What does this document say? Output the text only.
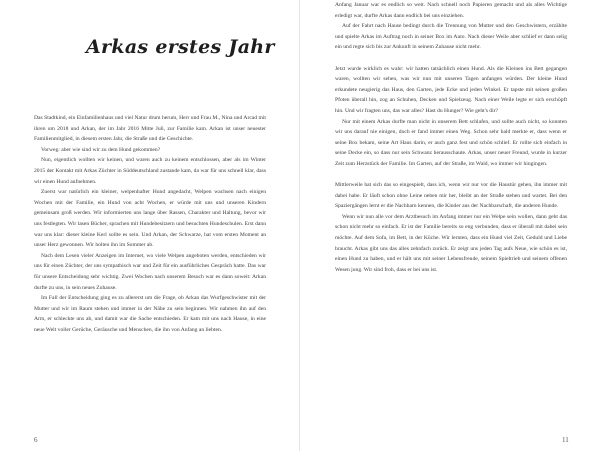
Arkas erstes Jahr

Das Stadtkind, ein Einfamilienhaus und viel Natur drum herum, Herr und Frau M., Nina und Arcad mit ihren um 2018 und Arkan, der im Jahr 2016 Mitte Juli, zur Familie kam. Arkan ist unser neuester Familienmitglied, in diesem ersten Jahr, die Straße und die Geschichte.

Vorweg: aber wie sind wir zu dem Hund gekommen?

Nun, eigentlich wollten wir keinen, und waren auch zu keinem entschlossen, aber als im Winter 2015 der Kontakt mit Arkas Züchter in Süddeutschland zustande kam, da war für uns schnell klar, dass wir einen Hund aufnehmen.

Zuerst war natürlich ein kleiner, welpenhafter Hund angedacht, Welpen wachsen nach einigen Wochen mit der Familie, ein Hund von acht Wochen, er würde mit uns und unseren Kindern gemeinsam groß werden. Wir informierten uns lange über Rassen, Charakter und Haltung, bevor wir uns festlegten. Wir lasen Bücher, sprachen mit Hundebesitzern und besuchten Hundeschulen. Erst dann war uns klar: dieser kleine Kerl sollte es sein. Und Arkan, der Schwarze, hat vom ersten Moment an unser Herz gewonnen. Wir holten ihn im Sommer ab.

Nach dem Lesen vieler Anzeigen im Internet, wo viele Welpen angeboten werden, entschieden wir uns für einen Züchter, der uns sympathisch war und Zeit für ein ausführliches Gespräch hatte. Das war für unsere Entscheidung sehr wichtig. Zwei Wochen nach unserem Besuch war es dann soweit: Arkan durfte zu uns, in sein neues Zuhause.

Im Fall der Entscheidung ging es zu allererst um die Frage, ob Arkan das Wurfgeschwister mit der Mutter und wir im Raum stehen und immer in der Nähe zu sein beginnen. Wir nahmen ihn auf den Arm, er schleckte uns ab, und damit war die Sache entschieden. Er kam mit uns nach Hause, in eine neue Welt voller Gerüche, Geräusche und Menschen, die ihn von Anfang an liebten.

6

Anfang Januar war es endlich so weit. Nach schnell noch Papieren gemacht und als alles Wichtige erledigt war, durfte Arkas dann endlich bei uns einziehen.

Auf der Fahrt nach Hause bedingt durch die Trennung von Mutter und den Geschwistern, erzählte und spielte Arkas im Auftrag noch in seiner Box im Auto. Nach dieser Weile aber schlief er dann selig ein und regte sich bis zur Ankunft in seinem Zuhause nicht mehr.

Jetzt wurde wirklich es wahr: wir hatten tatsächlich einen Hund. Als die Kleinen ins Bett gegangen waren, wollten wir sehen, was wir nun mit unseren Tagen anfangen würden. Der kleine Hund erkundete neugierig das Haus, den Garten, jede Ecke und jeden Winkel. Er tapste mit seinen großen Pfoten überall hin, zog an Schuhen, Decken und Spielzeug. Nach einer Weile legte er sich erschöpft hin. Und wir fragten uns, das war alles? Hast du Hunger? Wie geht's dir?

Nur mit einem Arkas durfte man nicht in unserem Bett schlafen, und sollte auch nicht, so konnten wir uns darauf nie einigen, doch er fand immer einen Weg. Schon sehr bald merkte er, dass wenn er seine Box bekam, seine Art Haus darin, er auch ganz fest und schön schlief. Er rollte sich einfach in seine Decke ein, so dass nur sein Schwanz herausschaute. Arkas, unser neuer Freund, wurde in kurzer Zeit zum Herzstück der Familie. Im Garten, auf der Straße, im Wald, wo immer wir hingingen.

Mittlerweile hat sich das so eingespielt, dass ich, wenn wir nur vor die Haustür gehen, ihn immer mit dabei habe. Er läuft schon ohne Leine neben mir her, bleibt an der Straße stehen und wartet. Bei den Spaziergängen lernt er die Nachbarn kennen, die Kinder aus der Nachbarschaft, die anderen Hunde.

Wenn wir nun alle vor dem Arztbesuch im Anfang immer nur ein Welpe sein wollen, dann geht das schon nicht mehr so einfach. Er ist der Familie bereits so eng verbunden, dass er überall mit dabei sein möchte. Auf dem Sofa, im Bett, in der Küche. Wir lernten, dass ein Hund viel Zeit, Geduld und Liebe braucht. Arkas gibt uns das alles zehnfach zurück. Er zeigt uns jeden Tag aufs Neue, wie schön es ist, einen Hund zu haben, und er hält uns mit seiner Lebensfreude, seinem Spieltrieb und seinem offenen Wesen jung. Wir sind froh, dass er bei uns ist.

11
